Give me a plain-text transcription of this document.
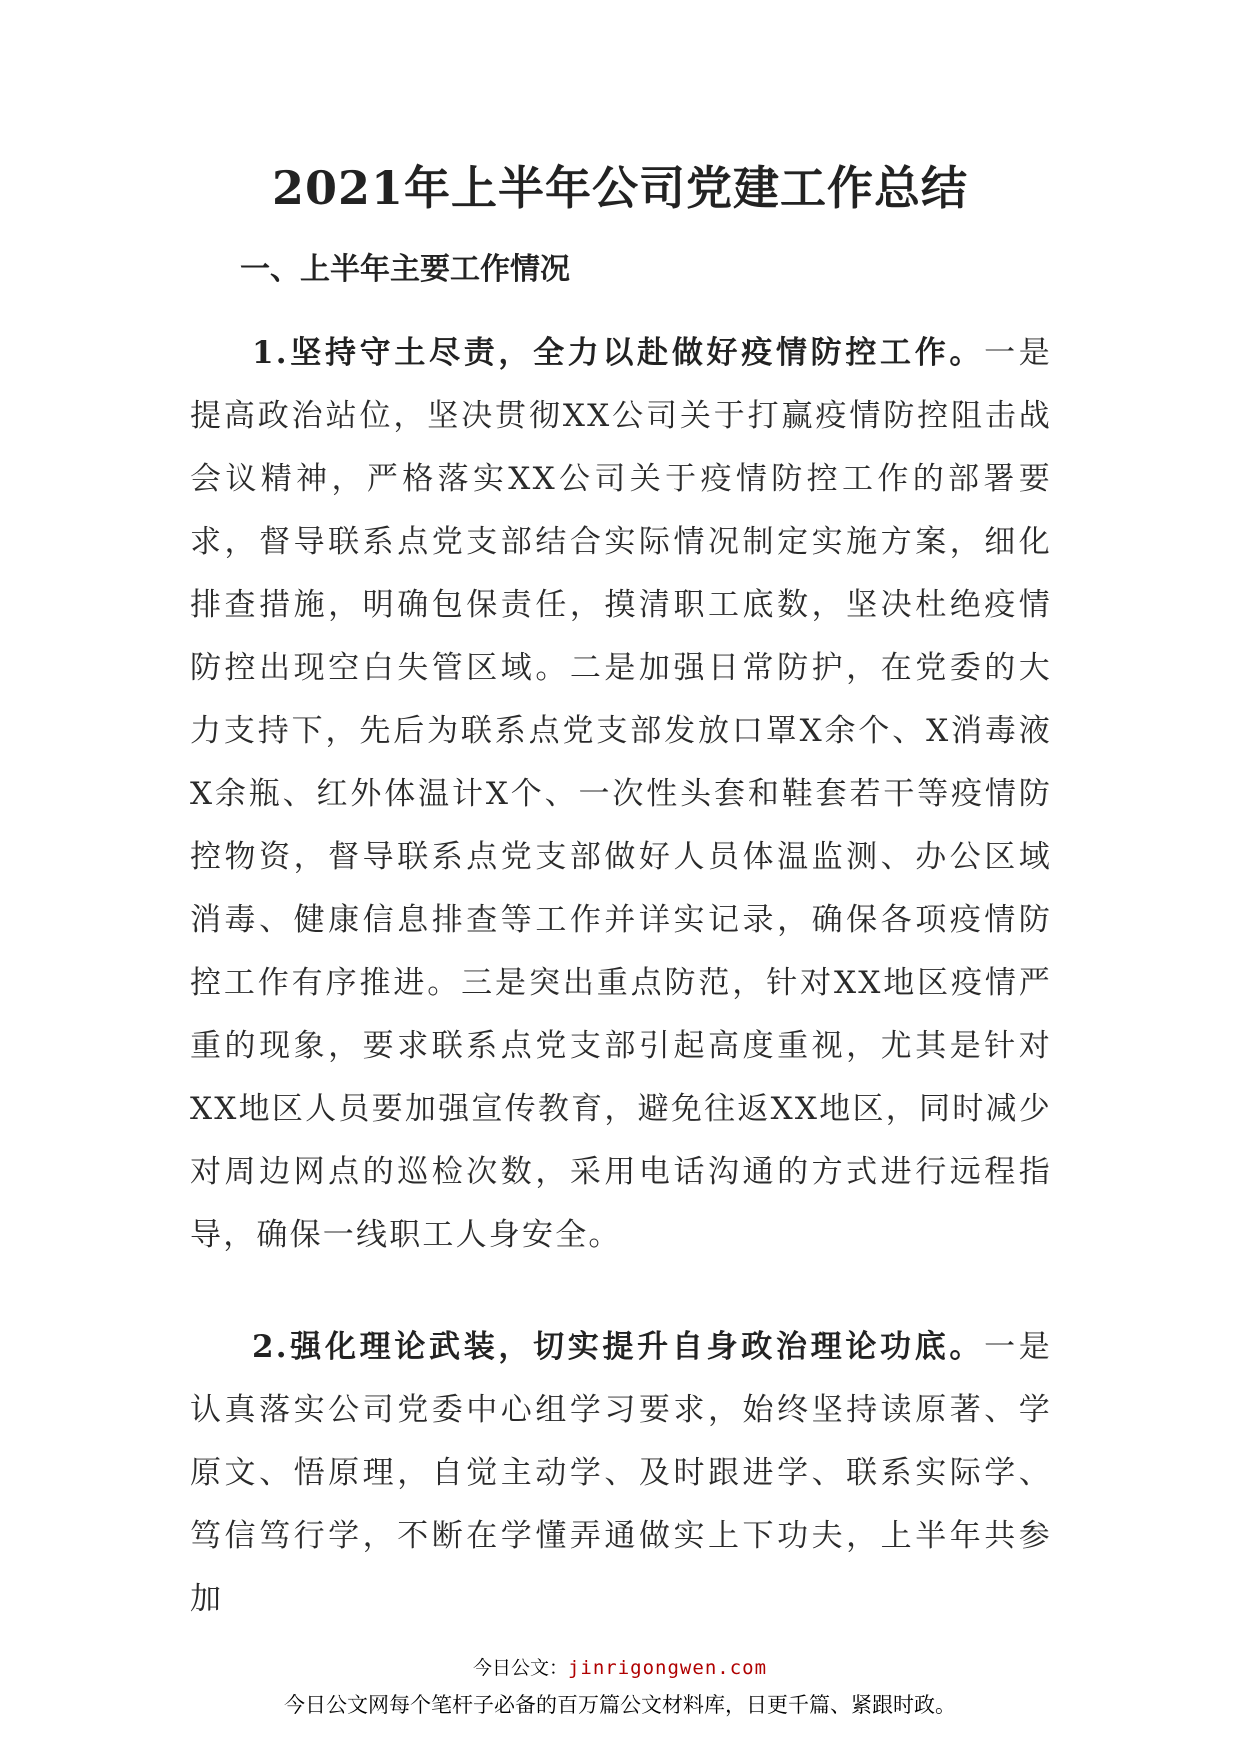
2021年上半年公司党建工作总结
一、上半年主要工作情况

1.坚持守土尽责，全力以赴做好疫情防控工作。一是提高政治站位，坚决贯彻XX公司关于打赢疫情防控阻击战会议精神，严格落实XX公司关于疫情防控工作的部署要求，督导联系点党支部结合实际情况制定实施方案，细化排查措施，明确包保责任，摸清职工底数，坚决杜绝疫情防控出现空白失管区域。二是加强日常防护，在党委的大力支持下，先后为联系点党支部发放口罩X余个、X消毒液X余瓶、红外体温计X个、一次性头套和鞋套若干等疫情防控物资，督导联系点党支部做好人员体温监测、办公区域消毒、健康信息排查等工作并详实记录，确保各项疫情防控工作有序推进。三是突出重点防范，针对XX地区疫情严重的现象，要求联系点党支部引起高度重视，尤其是针对XX地区人员要加强宣传教育，避免往返XX地区，同时减少对周边网点的巡检次数，采用电话沟通的方式进行远程指导，确保一线职工人身安全。

2.强化理论武装，切实提升自身政治理论功底。一是认真落实公司党委中心组学习要求，始终坚持读原著、学原文、悟原理，自觉主动学、及时跟进学、联系实际学、笃信笃行学，不断在学懂弄通做实上下功夫，上半年共参加

今日公文：jinrigongwen.com
今日公文网每个笔杆子必备的百万篇公文材料库，日更千篇、紧跟时政。
